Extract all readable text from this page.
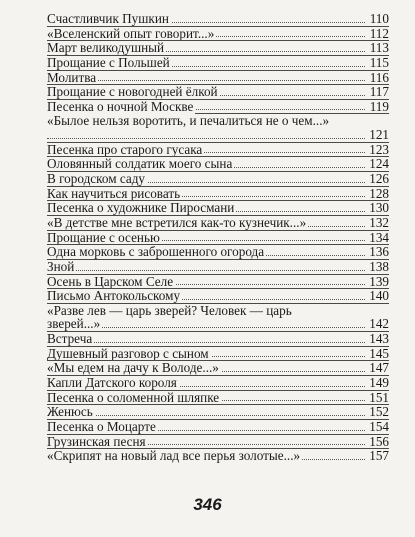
Счастливчик Пушкин	110
«Вселенский опыт говорит...»	112
Март великодушный	113
Прощание с Польшей	115
Молитва	116
Прощание с новогодней ёлкой	117
Песенка о ночной Москве	119
«Былое нельзя воротить, и печалиться не о чем...»
121
Песенка про старого гусака	123
Оловянный солдатик моего сына	124
В городском саду	126
Как научиться рисовать	128
Песенка о художнике Пиросмани	130
«В детстве мне встретился как-то кузнечик...»	132
Прощание с осенью	134
Одна морковь с заброшенного огорода	136
Зной	138
Осень в Царском Селе	139
Письмо Антокольскому	140
«Разве лев — царь зверей? Человек — царь зверей...»	142
Встреча	143
Душевный разговор с сыном	145
«Мы едем на дачу к Володе...»	147
Капли Датского короля	149
Песенка о соломенной шляпке	151
Женюсь	152
Песенка о Моцарте	154
Грузинская песня	156
«Скрипят на новый лад все перья золотые...»	157
346
